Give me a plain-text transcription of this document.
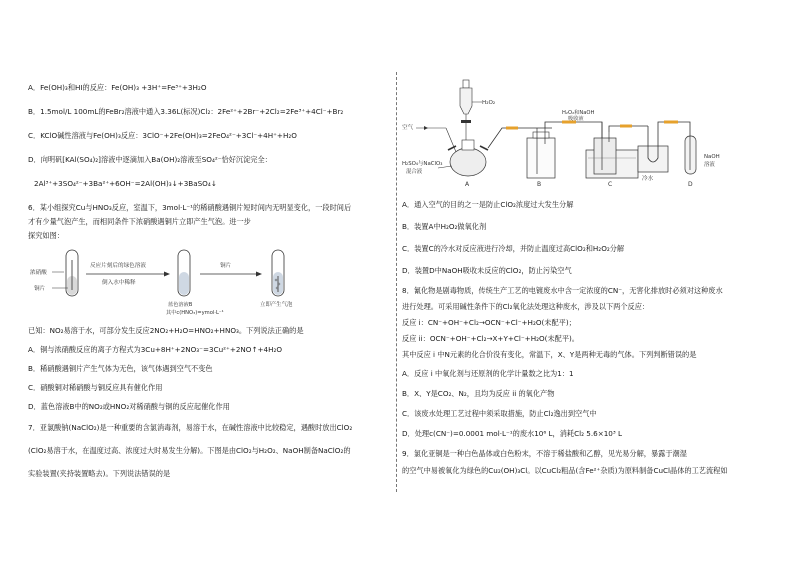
A．Fe(OH)₃和HI的反应：Fe(OH)₃ +3H⁺=Fe³⁺+3H₂O
B．1.5mol/L 100mL的FeBr₂溶液中通入3.36L(标况)Cl₂：2Fe²⁺+2Br⁻+2Cl₂=2Fe³⁺+4Cl⁻+Br₂
C．KClO碱性溶液与Fe(OH)₃反应：3ClO⁻+2Fe(OH)₃=2FeO₄²⁻+3Cl⁻+4H⁺+H₂O
D．向明矾[KAl(SO₄)₂]溶液中逐滴加入Ba(OH)₂溶液至SO₄²⁻恰好沉淀完全：
2Al³⁺+3SO₄²⁻+3Ba²⁺+6OH⁻=2Al(OH)₃↓+3BaSO₄↓
6．某小组探究Cu与HNO₃反应，室温下，3mol·L⁻¹的稀硝酸遇铜片短时间内无明显变化，一段时间后
才有少量气泡产生，而相同条件下浓硝酸遇铜片立即产生气泡。进一步
探究如图：
浓硝酸
铜片
反应片刻后的绿色溶液
倒入水中稀释
蓝色溶液B
其中c(HNO₃)=ymol·L⁻¹
铜片
立即产生气泡
已知：NO₂易溶于水，可部分发生反应2NO₂+H₂O=HNO₂+HNO₃。下列说法正确的是
A．铜与浓硝酸反应的离子方程式为3Cu+8H⁺+2NO₃⁻=3Cu²⁺+2NO↑+4H₂O
B．稀硝酸遇铜片产生气体为无色，该气体遇到空气不变色
C．硝酸铜对稀硝酸与铜反应具有催化作用
D．蓝色溶液B中的NO₂或HNO₂对稀硝酸与铜的反应起催化作用
7．亚氯酸钠(NaClO₂)是一种重要的含氯消毒剂，易溶于水，在碱性溶液中比较稳定，遇酸时放出ClO₂
(ClO₂易溶于水，在温度过高、浓度过大时易发生分解)。下图是由ClO₂与H₂O₂、NaOH制备NaClO₂的
实验装置(夹持装置略去)。下列说法错误的是
H₂O₂
A
空气
H₂SO₄与NaClO₃
混合液
B
H₂O₂和NaOH
吸收液
C
冷水
NaOH
溶液
D
A．通入空气的目的之一是防止ClO₂浓度过大发生分解
B．装置A中H₂O₂做氧化剂
C．装置C的冷水对反应液进行冷却，并防止温度过高ClO₂和H₂O₂分解
D．装置D中NaOH吸收未反应的ClO₂，防止污染空气
8．氰化物是剧毒物质，传统生产工艺的电镀废水中含一定浓度的CN⁻，无害化排放时必须对这种废水
进行处理。可采用碱性条件下的Cl₂氧化法处理这种废水，涉及以下两个反应：
反应 i：CN⁻+OH⁻+Cl₂→OCN⁻+Cl⁻+H₂O(未配平)；
反应 ii：OCN⁻+OH⁻+Cl₂→X+Y+Cl⁻+H₂O(未配平)。
其中反应 i 中N元素的化合价没有变化，常温下，X、Y是两种无毒的气体。下列判断错误的是
A．反应 i 中氧化剂与还原剂的化学计量数之比为1：1
B．X、Y是CO₂、N₂，且均为反应 ii 的氧化产物
C．该废水处理工艺过程中须采取措施，防止Cl₂逸出到空气中
D．处理c(CN⁻)=0.0001 mol·L⁻¹的废水10⁶ L，消耗Cl₂ 5.6×10³ L
9．氯化亚铜是一种白色晶体或白色粉末，不溶于稀盐酸和乙醇，见光易分解，暴露于潮湿
的空气中易被氧化为绿色的Cu₂(OH)₃Cl。以CuCl₂粗品(含Fe²⁺杂质)为原料制备CuCl晶体的工艺流程如
